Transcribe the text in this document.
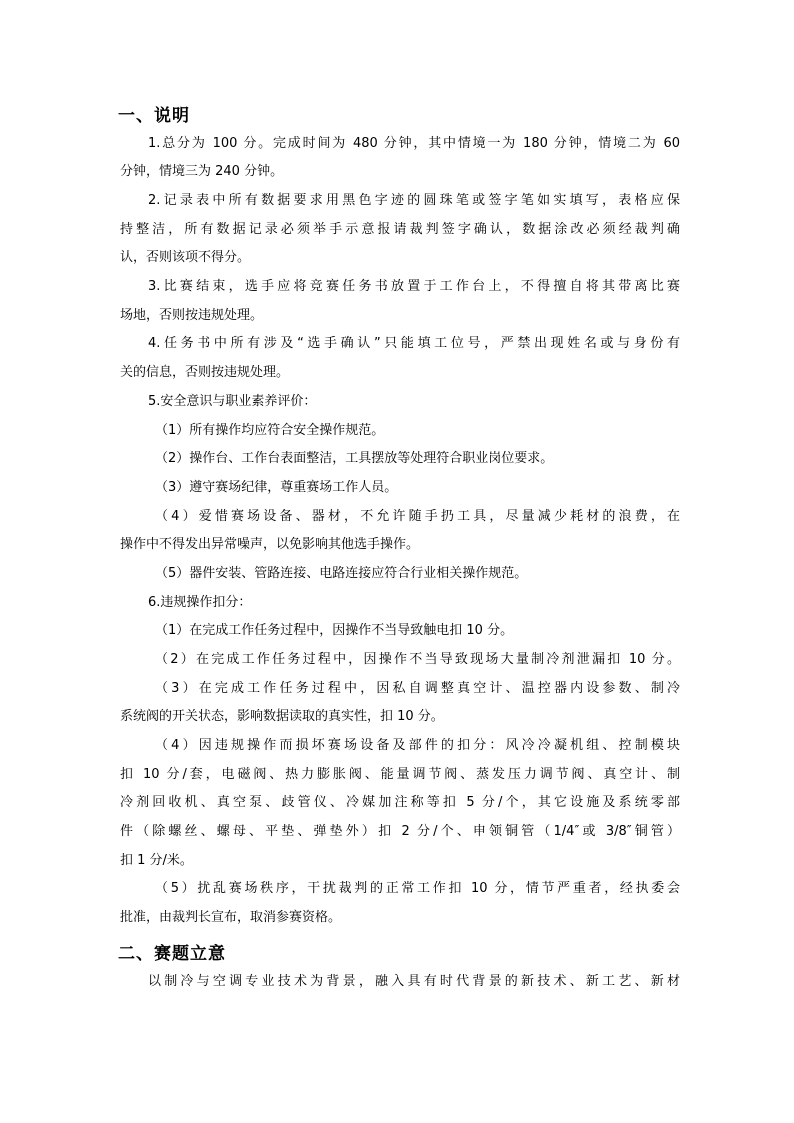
一、说明
1.总分为 100 分。完成时间为 480 分钟，其中情境一为 180 分钟，情境二为 60
分钟，情境三为 240 分钟。
2.记录表中所有数据要求用黑色字迹的圆珠笔或签字笔如实填写，表格应保
持整洁，所有数据记录必须举手示意报请裁判签字确认，数据涂改必须经裁判确
认，否则该项不得分。
3.比赛结束，选手应将竞赛任务书放置于工作台上，不得擅自将其带离比赛
场地，否则按违规处理。
4.任务书中所有涉及“选手确认”只能填工位号，严禁出现姓名或与身份有
关的信息，否则按违规处理。
5.安全意识与职业素养评价：
（1）所有操作均应符合安全操作规范。
（2）操作台、工作台表面整洁，工具摆放等处理符合职业岗位要求。
（3）遵守赛场纪律，尊重赛场工作人员。
（4）爱惜赛场设备、器材，不允许随手扔工具，尽量减少耗材的浪费，在
操作中不得发出异常噪声，以免影响其他选手操作。
（5）器件安装、管路连接、电路连接应符合行业相关操作规范。
6.违规操作扣分：
（1）在完成工作任务过程中，因操作不当导致触电扣 10 分。
（2）在完成工作任务过程中，因操作不当导致现场大量制冷剂泄漏扣 10 分。
（3）在完成工作任务过程中，因私自调整真空计、温控器内设参数、制冷
系统阀的开关状态，影响数据读取的真实性，扣 10 分。
（4）因违规操作而损坏赛场设备及部件的扣分：风冷冷凝机组、控制模块
扣 10 分/套，电磁阀、热力膨胀阀、能量调节阀、蒸发压力调节阀、真空计、制
冷剂回收机、真空泵、歧管仪、冷媒加注称等扣 5 分/个，其它设施及系统零部
件（除螺丝、螺母、平垫、弹垫外）扣 2 分/个、申领铜管（1/4″或 3/8″铜管）
扣 1 分/米。
（5）扰乱赛场秩序，干扰裁判的正常工作扣 10 分，情节严重者，经执委会
批准，由裁判长宣布，取消参赛资格。
二、赛题立意
以制冷与空调专业技术为背景，融入具有时代背景的新技术、新工艺、新材
